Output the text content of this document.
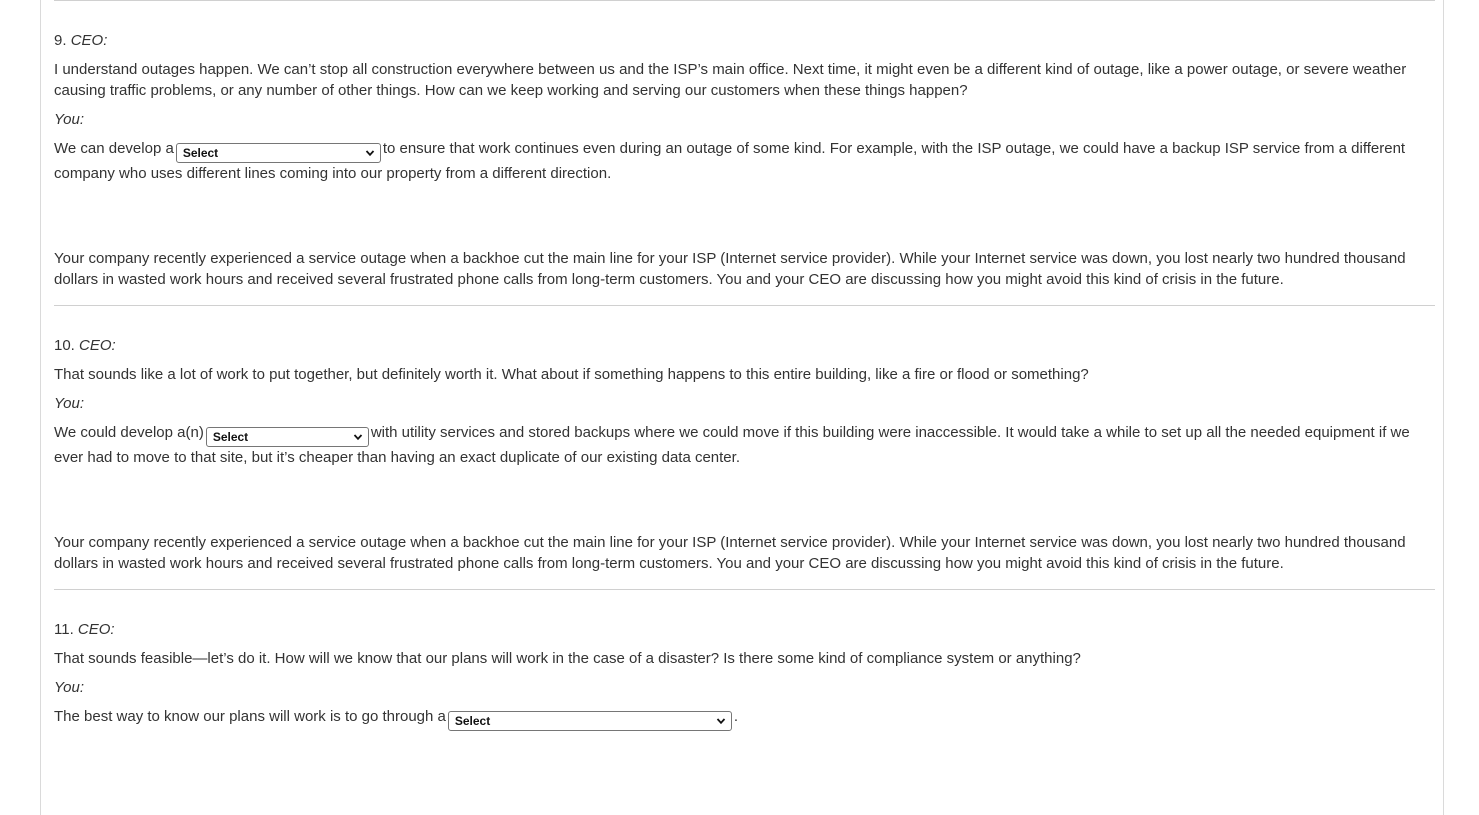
9. CEO:

I understand outages happen. We can’t stop all construction everywhere between us and the ISP’s main office. Next time, it might even be a different kind of outage, like a power outage, or severe weather causing traffic problems, or any number of other things. How can we keep working and serving our customers when these things happen?

You:

We can develop a Select	to ensure that work continues even during an outage of some kind. For example, with the ISP outage, we could have a backup ISP service from a different company who uses different lines coming into our property from a different direction.

Your company recently experienced a service outage when a backhoe cut the main line for your ISP (Internet service provider). While your Internet service was down, you lost nearly two hundred thousand dollars in wasted work hours and received several frustrated phone calls from long-term customers. You and your CEO are discussing how you might avoid this kind of crisis in the future.

10. CEO:

That sounds like a lot of work to put together, but definitely worth it. What about if something happens to this entire building, like a fire or flood or something?

You:

We could develop a(n) Select	with utility services and stored backups where we could move if this building were inaccessible. It would take a while to set up all the needed equipment if we ever had to move to that site, but it’s cheaper than having an exact duplicate of our existing data center.

Your company recently experienced a service outage when a backhoe cut the main line for your ISP (Internet service provider). While your Internet service was down, you lost nearly two hundred thousand dollars in wasted work hours and received several frustrated phone calls from long-term customers. You and your CEO are discussing how you might avoid this kind of crisis in the future.

11. CEO:

That sounds feasible—let’s do it. How will we know that our plans will work in the case of a disaster? Is there some kind of compliance system or anything?

You:

The best way to know our plans will work is to go through a Select	.
